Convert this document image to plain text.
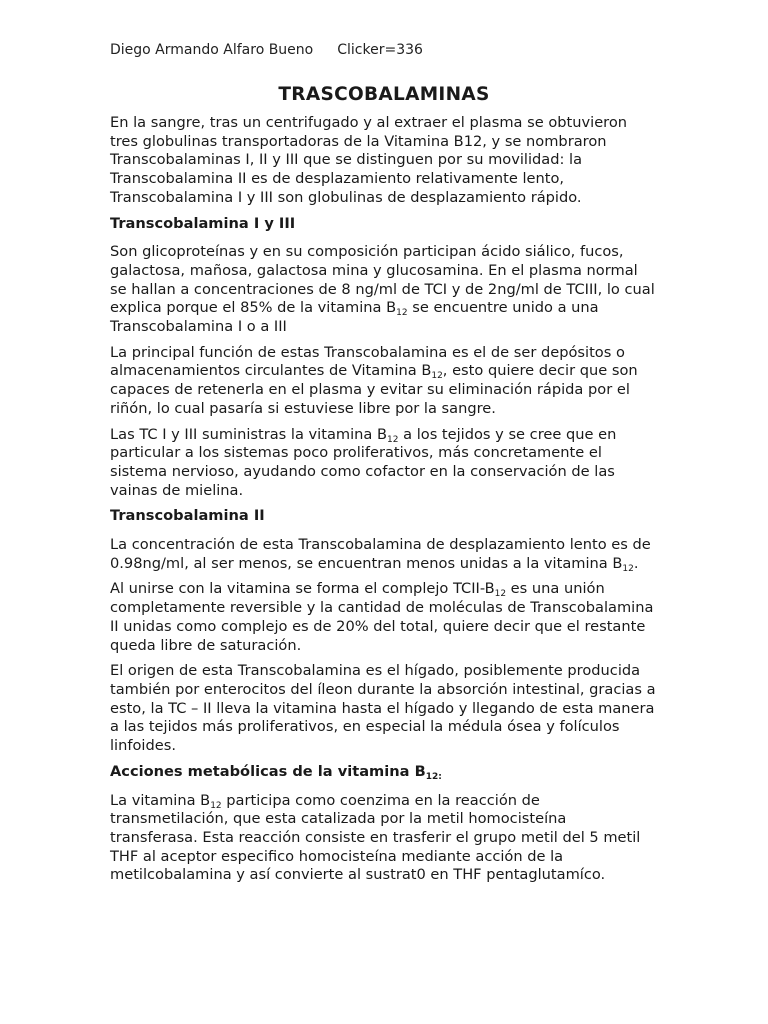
Diego Armando Alfaro Bueno Clicker=336
TRASCOBALAMINAS

En la sangre, tras un centrifugado y al extraer el plasma se obtuvieron tres globulinas transportadoras de la Vitamina B12, y se nombraron Transcobalaminas I, II y III que se distinguen por su movilidad: la Transcobalamina II es de desplazamiento relativamente lento, Transcobalamina I y III son globulinas de desplazamiento rápido.

Transcobalamina I y III

Son glicoproteínas y en su composición participan ácido siálico, fucos, galactosa, mañosa, galactosa mina y glucosamina. En el plasma normal se hallan a concentraciones de 8 ng/ml de TCI y de 2ng/ml de TCIII, lo cual explica porque el 85% de la vitamina $B_{12}$ se encuentre unido a una Transcobalamina I o a III

La principal función de estas Transcobalamina es el de ser depósitos o almacenamientos circulantes de Vitamina $B_{12}$, esto quiere decir que son capaces de retenerla en el plasma y evitar su eliminación rápida por el riñón, lo cual pasaría si estuviese libre por la sangre.

Las TC I y III suministras la vitamina $B_{12}$ a los tejidos y se cree que en particular a los sistemas poco proliferativos, más concretamente el sistema nervioso, ayudando como cofactor en la conservación de las vainas de mielina.

Transcobalamina II

La concentración de esta Transcobalamina de desplazamiento lento es de 0.98ng/ml, al ser menos, se encuentran menos unidas a la vitamina $B_{12}$.

Al unirse con la vitamina se forma el complejo TCII-$B_{12}$ es una unión completamente reversible y la cantidad de moléculas de Transcobalamina II unidas como complejo es de 20% del total, quiere decir que el restante queda libre de saturación.

El origen de esta Transcobalamina es el hígado, posiblemente producida también por enterocitos del íleon durante la absorción intestinal, gracias a esto, la TC – II lleva la vitamina hasta el hígado y llegando de esta manera a las tejidos más proliferativos, en especial la médula ósea y folículos linfoides.

Acciones metabólicas de la vitamina $B_{12:}$

La vitamina $B_{12}$ participa como coenzima en la reacción de transmetilación, que esta catalizada por la metil homocisteína transferasa. Esta reacción consiste en trasferir el grupo metil del 5 metil THF al aceptor especifico homocisteína mediante acción de la metilcobalamina y así convierte al sustrat0 en THF pentaglutamíco.
